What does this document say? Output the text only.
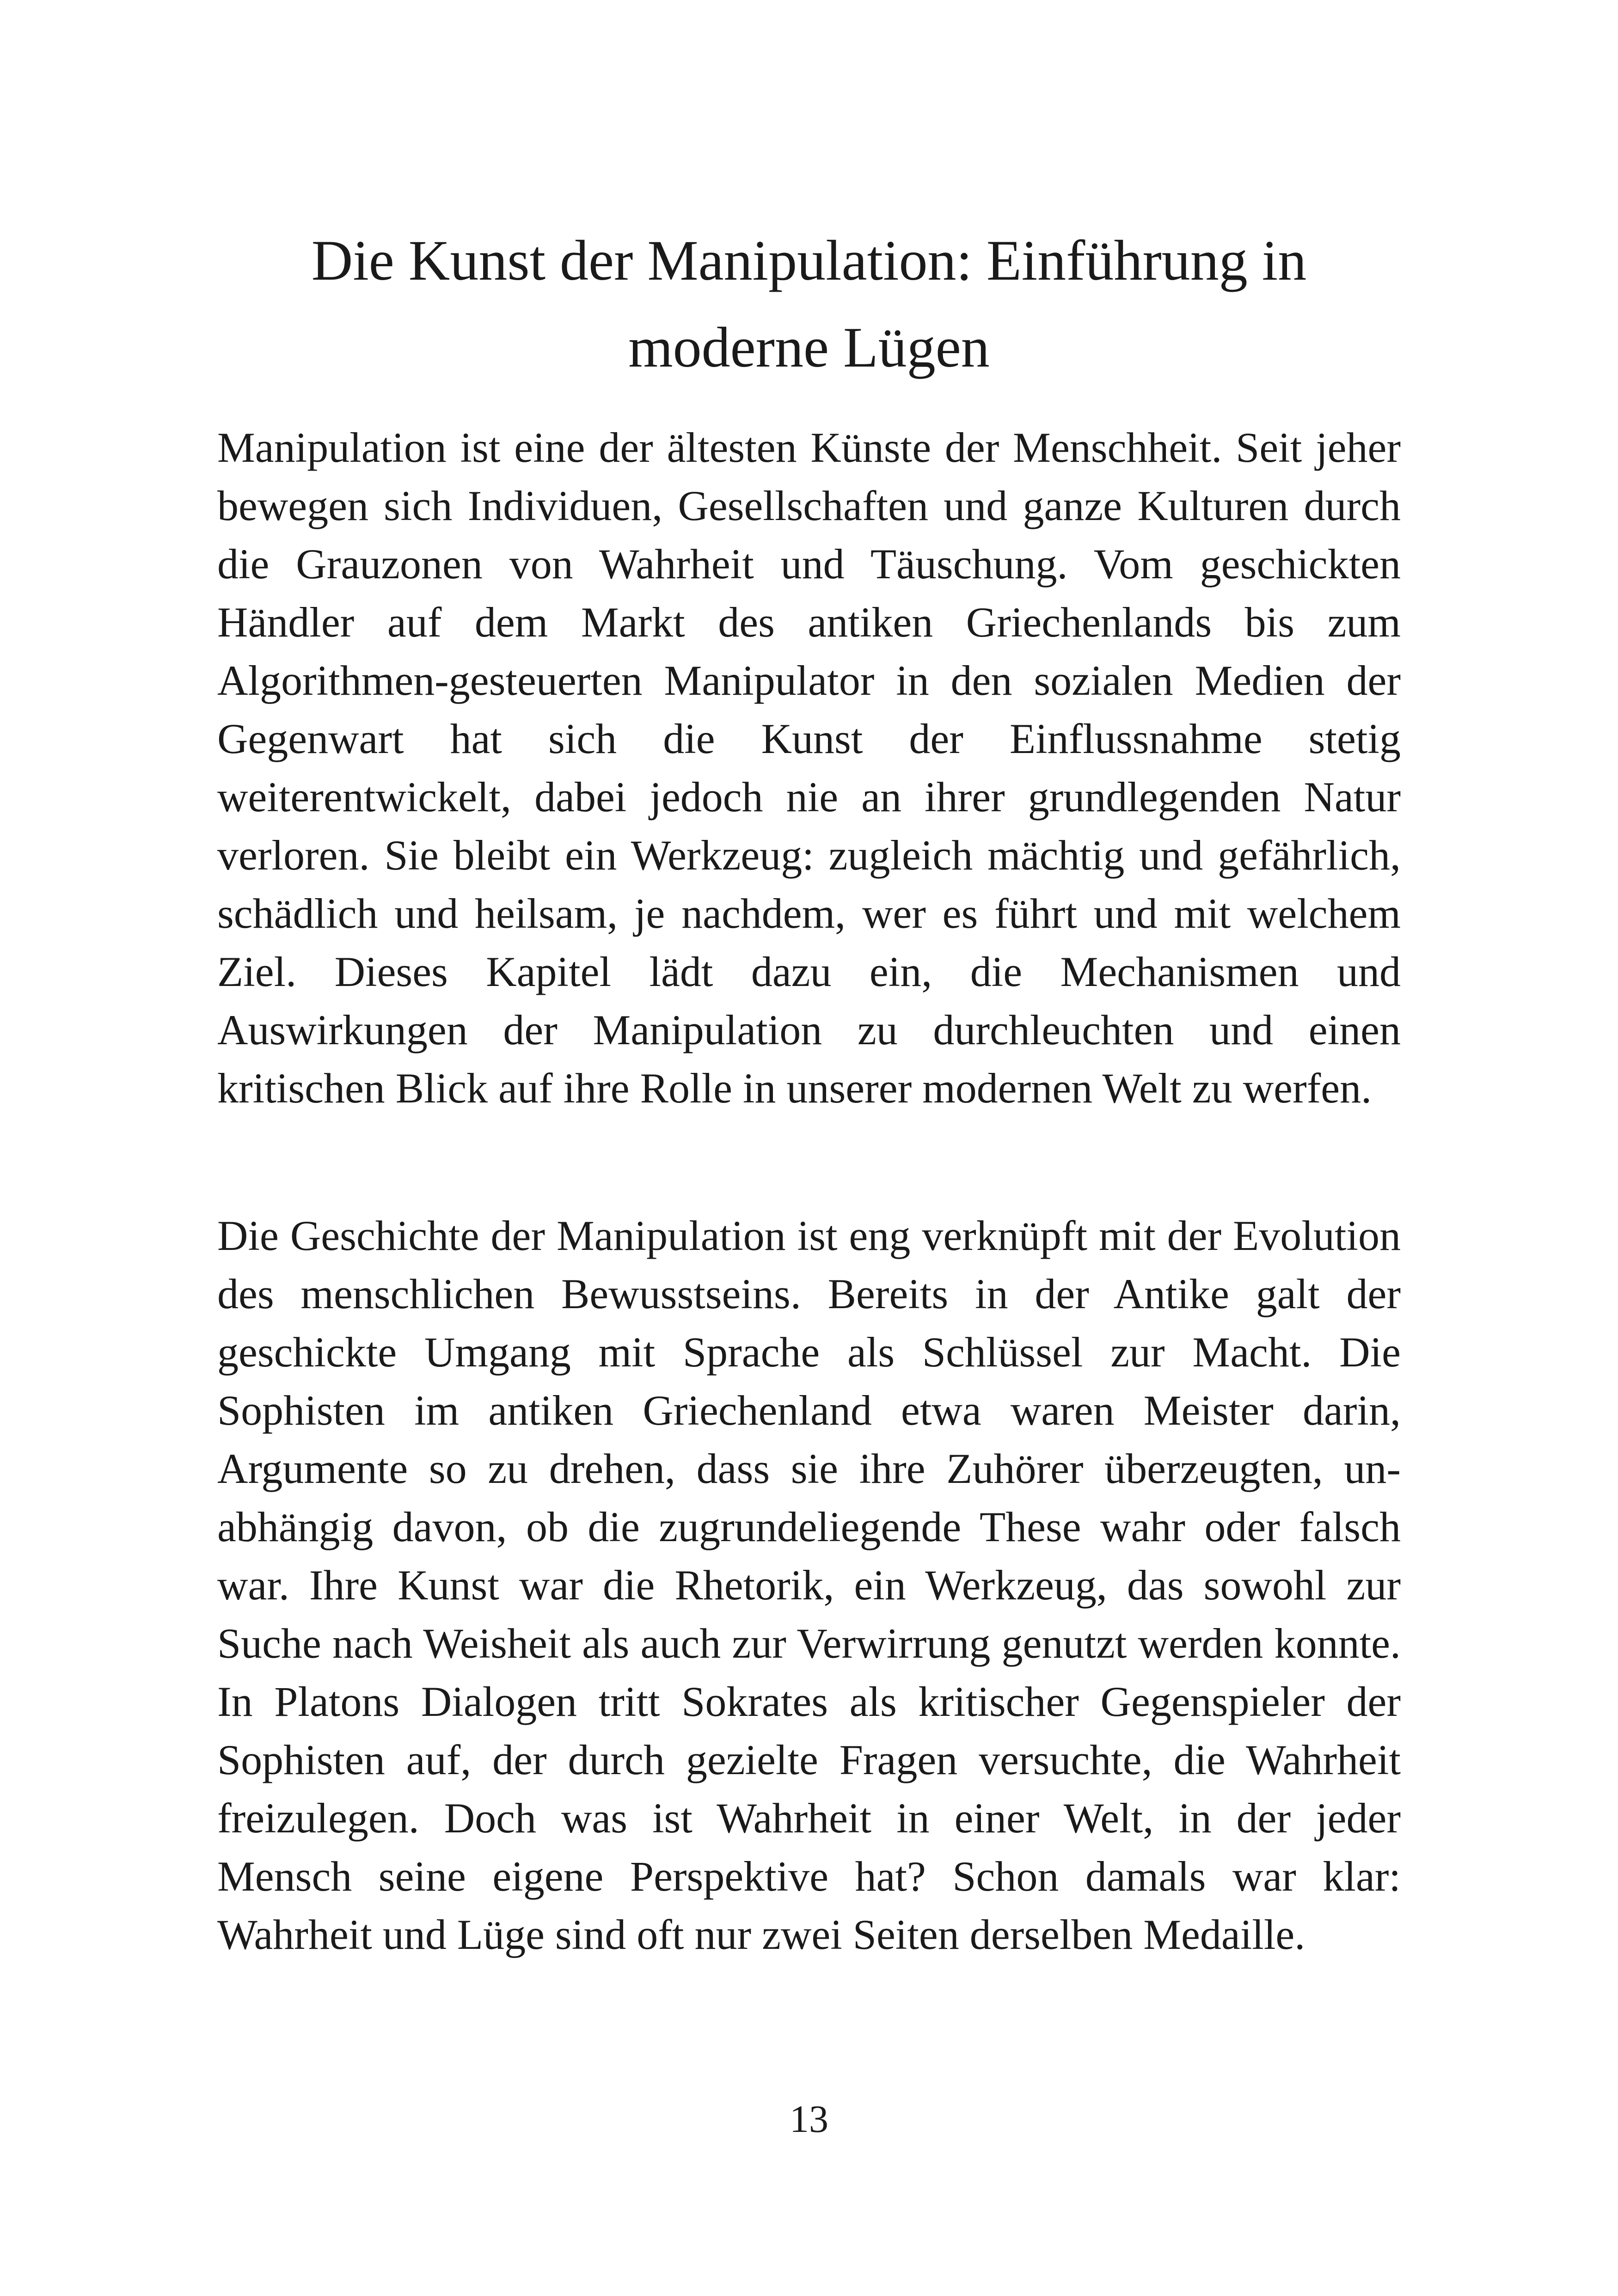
Die Kunst der Manipulation: Einführung in moderne Lügen

Manipulation ist eine der ältesten Künste der Menschheit. Seit jeher bewegen sich Individuen, Gesellschaften und ganze Kulturen durch die Grauzonen von Wahrheit und Täuschung. Vom geschickten Händler auf dem Markt des antiken Griechenlands bis zum Algorithmen-gesteuerten Manipulator in den sozialen Medien der Gegenwart hat sich die Kunst der Einflussnahme stetig weiterentwickelt, dabei jedoch nie an ihrer grundlegenden Natur verloren. Sie bleibt ein Werkzeug: zugleich mächtig und gefährlich, schädlich und heilsam, je nachdem, wer es führt und mit welchem Ziel. Dieses Kapitel lädt dazu ein, die Mechanismen und Auswirkungen der Manipulation zu durchleuchten und einen kritischen Blick auf ihre Rolle in unserer modernen Welt zu werfen.

Die Geschichte der Manipulation ist eng verknüpft mit der Evolution des menschlichen Bewusstseins. Bereits in der Antike galt der geschickte Umgang mit Sprache als Schlüssel zur Macht. Die Sophisten im antiken Griechenland etwa waren Meister darin, Argumente so zu drehen, dass sie ihre Zuhörer überzeugten, unabhängig davon, ob die zugrundeliegende These wahr oder falsch war. Ihre Kunst war die Rhetorik, ein Werkzeug, das sowohl zur Suche nach Weisheit als auch zur Verwirrung genutzt werden konnte. In Platons Dialogen tritt Sokrates als kritischer Gegenspieler der Sophisten auf, der durch gezielte Fragen versuchte, die Wahrheit freizulegen. Doch was ist Wahrheit in einer Welt, in der jeder Mensch seine eigene Perspektive hat? Schon damals war klar: Wahrheit und Lüge sind oft nur zwei Seiten derselben Medaille.

13
